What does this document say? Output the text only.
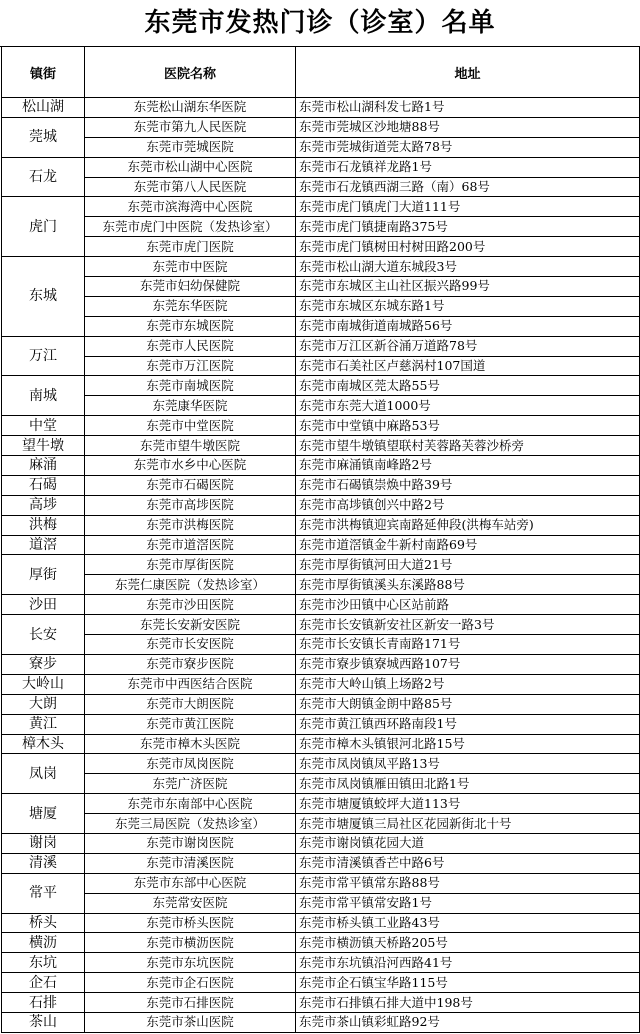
东莞市发热门诊（诊室）名单
镇街	医院名称	地址
松山湖	东莞松山湖东华医院	东莞市松山湖科发七路1号
莞城	东莞市第九人民医院	东莞市莞城区沙地塘88号
	东莞市莞城医院	东莞市莞城街道莞太路78号
石龙	东莞市松山湖中心医院	东莞市石龙镇祥龙路1号
	东莞市第八人民医院	东莞市石龙镇西湖三路（南）68号
虎门	东莞市滨海湾中心医院	东莞市虎门镇虎门大道111号
	东莞市虎门中医院（发热诊室）	东莞市虎门镇捷南路375号
	东莞市虎门医院	东莞市虎门镇树田村树田路200号
东城	东莞市中医院	东莞市松山湖大道东城段3号
	东莞市妇幼保健院	东莞市东城区主山社区振兴路99号
	东莞东华医院	东莞市东城区东城东路1号
	东莞市东城医院	东莞市南城街道南城路56号
万江	东莞市人民医院	东莞市万江区新谷涌万道路78号
	东莞市万江医院	东莞市石美社区卢慈涡村107国道
南城	东莞市南城医院	东莞市南城区莞太路55号
	东莞康华医院	东莞市东莞大道1000号
中堂	东莞市中堂医院	东莞市中堂镇中麻路53号
望牛墩	东莞市望牛墩医院	东莞市望牛墩镇望联村芙蓉路芙蓉沙桥旁
麻涌	东莞市水乡中心医院	东莞市麻涌镇南峰路2号
石碣	东莞市石碣医院	东莞市石碣镇崇焕中路39号
高埗	东莞市高埗医院	东莞市高埗镇创兴中路2号
洪梅	东莞市洪梅医院	东莞市洪梅镇迎宾南路延伸段(洪梅车站旁)
道滘	东莞市道滘医院	东莞市道滘镇金牛新村南路69号
厚街	东莞市厚街医院	东莞市厚街镇河田大道21号
	东莞仁康医院（发热诊室）	东莞市厚街镇溪头东溪路88号
沙田	东莞市沙田医院	东莞市沙田镇中心区站前路
长安	东莞长安新安医院	东莞市长安镇新安社区新安一路3号
	东莞市长安医院	东莞市长安镇长青南路171号
寮步	东莞市寮步医院	东莞市寮步镇寮城西路107号
大岭山	东莞市中西医结合医院	东莞市大岭山镇上场路2号
大朗	东莞市大朗医院	东莞市大朗镇金朗中路85号
黄江	东莞市黄江医院	东莞市黄江镇西环路南段1号
樟木头	东莞市樟木头医院	东莞市樟木头镇银河北路15号
凤岗	东莞市凤岗医院	东莞市凤岗镇凤平路13号
	东莞广济医院	东莞市凤岗镇雁田镇田北路1号
塘厦	东莞市东南部中心医院	东莞市塘厦镇蛟坪大道113号
	东莞三局医院（发热诊室）	东莞市塘厦镇三局社区花园新街北十号
谢岗	东莞市谢岗医院	东莞市谢岗镇花园大道
清溪	东莞市清溪医院	东莞市清溪镇香芒中路6号
常平	东莞市东部中心医院	东莞市常平镇常东路88号
	东莞常安医院	东莞市常平镇常安路1号
桥头	东莞市桥头医院	东莞市桥头镇工业路43号
横沥	东莞市横沥医院	东莞市横沥镇天桥路205号
东坑	东莞市东坑医院	东莞市东坑镇沿河西路41号
企石	东莞市企石医院	东莞市企石镇宝华路115号
石排	东莞市石排医院	东莞市石排镇石排大道中198号
茶山	东莞市茶山医院	东莞市茶山镇彩虹路92号
